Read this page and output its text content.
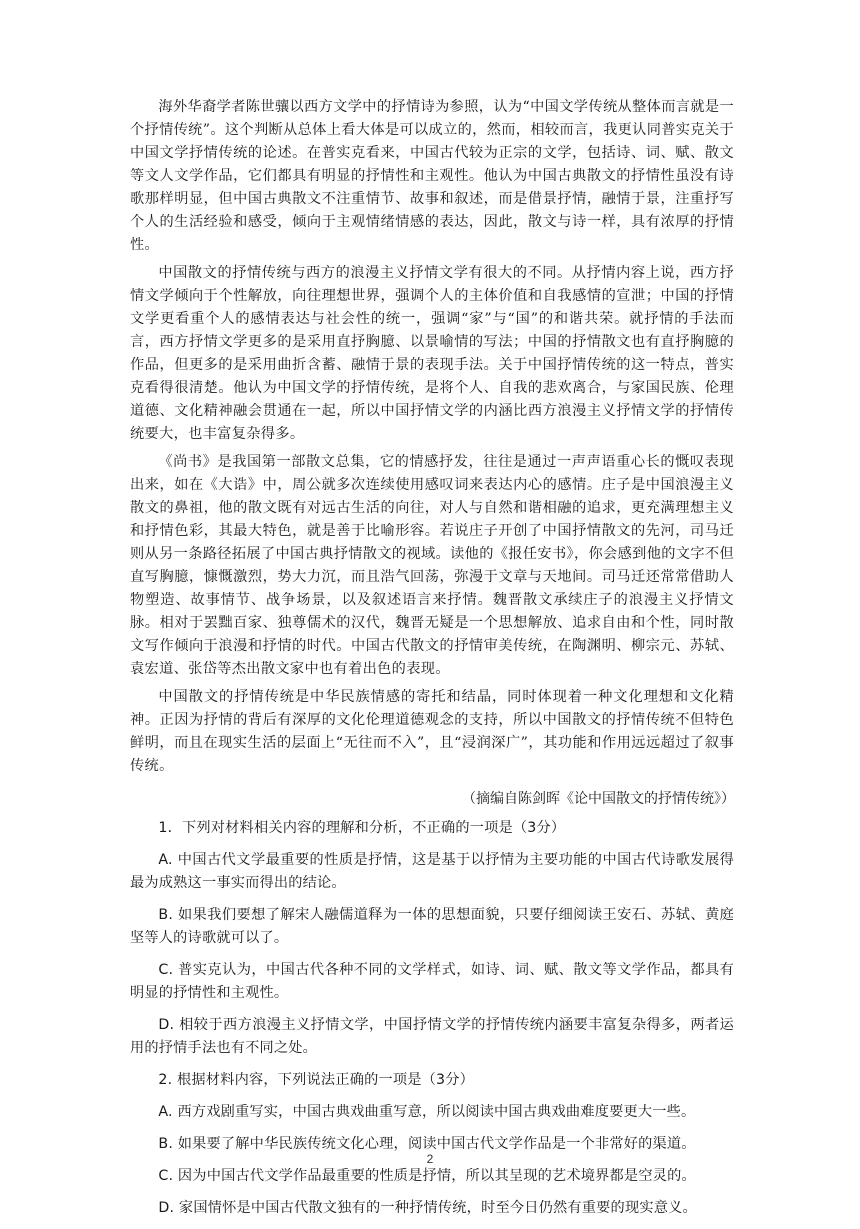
海外华裔学者陈世骧以西方文学中的抒情诗为参照，认为“中国文学传统从整体而言就是一个抒情传统”。这个判断从总体上看大体是可以成立的，然而，相较而言，我更认同普实克关于中国文学抒情传统的论述。在普实克看来，中国古代较为正宗的文学，包括诗、词、赋、散文等文人文学作品，它们都具有明显的抒情性和主观性。他认为中国古典散文的抒情性虽没有诗歌那样明显，但中国古典散文不注重情节、故事和叙述，而是借景抒情，融情于景，注重抒写个人的生活经验和感受，倾向于主观情绪情感的表达，因此，散文与诗一样，具有浓厚的抒情性。

中国散文的抒情传统与西方的浪漫主义抒情文学有很大的不同。从抒情内容上说，西方抒情文学倾向于个性解放，向往理想世界，强调个人的主体价值和自我感情的宣泄；中国的抒情文学更看重个人的感情表达与社会性的统一，强调“家”与“国”的和谐共荣。就抒情的手法而言，西方抒情文学更多的是采用直抒胸臆、以景喻情的写法；中国的抒情散文也有直抒胸臆的作品，但更多的是采用曲折含蓄、融情于景的表现手法。关于中国抒情传统的这一特点，普实克看得很清楚。他认为中国文学的抒情传统，是将个人、自我的悲欢离合，与家国民族、伦理道德、文化精神融会贯通在一起，所以中国抒情文学的内涵比西方浪漫主义抒情文学的抒情传统要大，也丰富复杂得多。

《尚书》是我国第一部散文总集，它的情感抒发，往往是通过一声声语重心长的慨叹表现出来，如在《大诰》中，周公就多次连续使用感叹词来表达内心的感情。庄子是中国浪漫主义散文的鼻祖，他的散文既有对远古生活的向往，对人与自然和谐相融的追求，更充满理想主义和抒情色彩，其最大特色，就是善于比喻形容。若说庄子开创了中国抒情散文的先河，司马迁则从另一条路径拓展了中国古典抒情散文的视域。读他的《报任安书》，你会感到他的文字不但直写胸臆，慷慨激烈，势大力沉，而且浩气回荡，弥漫于文章与天地间。司马迁还常常借助人物塑造、故事情节、战争场景，以及叙述语言来抒情。魏晋散文承续庄子的浪漫主义抒情文脉。相对于罢黜百家、独尊儒术的汉代，魏晋无疑是一个思想解放、追求自由和个性，同时散文写作倾向于浪漫和抒情的时代。中国古代散文的抒情审美传统，在陶渊明、柳宗元、苏轼、袁宏道、张岱等杰出散文家中也有着出色的表现。

中国散文的抒情传统是中华民族情感的寄托和结晶，同时体现着一种文化理想和文化精神。正因为抒情的背后有深厚的文化伦理道德观念的支持，所以中国散文的抒情传统不但特色鲜明，而且在现实生活的层面上“无往而不入”，且“浸润深广”，其功能和作用远远超过了叙事传统。

（摘编自陈剑晖《论中国散文的抒情传统》）

1．下列对材料相关内容的理解和分析，不正确的一项是（3分）

A. 中国古代文学最重要的性质是抒情，这是基于以抒情为主要功能的中国古代诗歌发展得最为成熟这一事实而得出的结论。

B. 如果我们要想了解宋人融儒道释为一体的思想面貌，只要仔细阅读王安石、苏轼、黄庭坚等人的诗歌就可以了。

C. 普实克认为，中国古代各种不同的文学样式，如诗、词、赋、散文等文学作品，都具有明显的抒情性和主观性。

D. 相较于西方浪漫主义抒情文学，中国抒情文学的抒情传统内涵要丰富复杂得多，两者运用的抒情手法也有不同之处。

2. 根据材料内容，下列说法正确的一项是（3分）

A. 西方戏剧重写实，中国古典戏曲重写意，所以阅读中国古典戏曲难度要更大一些。

B. 如果要了解中华民族传统文化心理，阅读中国古代文学作品是一个非常好的渠道。

C. 因为中国古代文学作品最重要的性质是抒情，所以其呈现的艺术境界都是空灵的。

D. 家国情怀是中国古代散文独有的一种抒情传统，时至今日仍然有重要的现实意义。

2
